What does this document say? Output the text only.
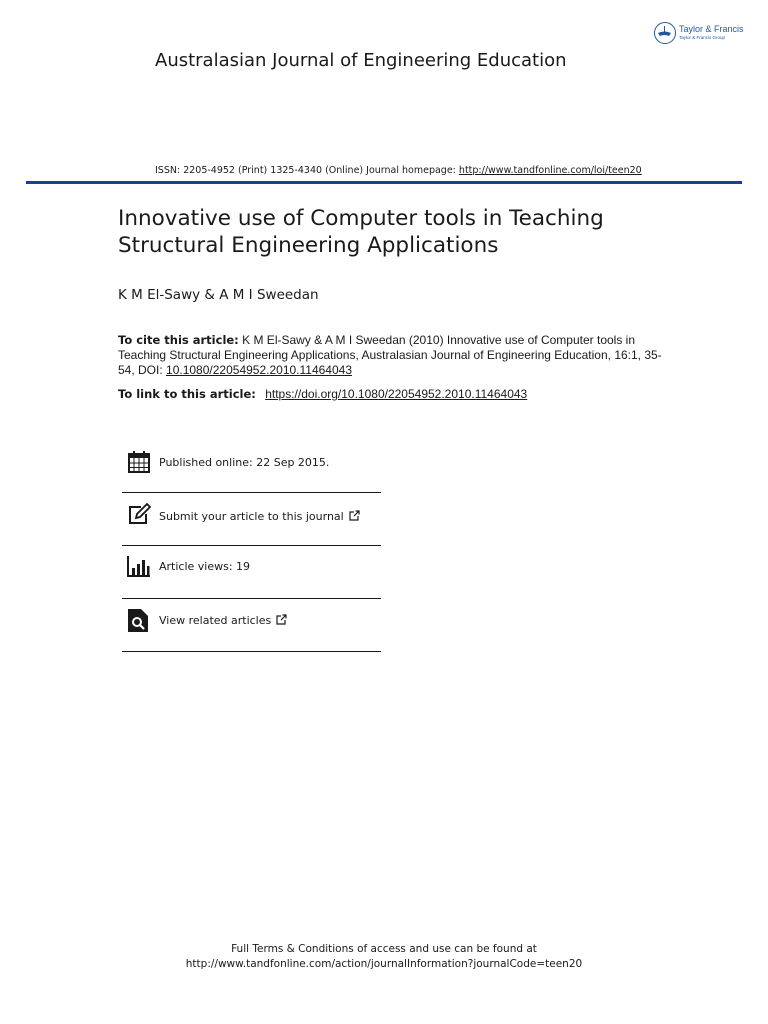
Taylor & Francis
Taylor & Francis Group
Australasian Journal of Engineering Education
ISSN: 2205-4952 (Print) 1325-4340 (Online) Journal homepage: http://www.tandfonline.com/loi/teen20
Innovative use of Computer tools in Teaching Structural Engineering Applications
K M El-Sawy & A M I Sweedan
To cite this article: K M El-Sawy & A M I Sweedan (2010) Innovative use of Computer tools in Teaching Structural Engineering Applications, Australasian Journal of Engineering Education, 16:1, 35-54, DOI: 10.1080/22054952.2010.11464043
To link to this article: https://doi.org/10.1080/22054952.2010.11464043
Published online: 22 Sep 2015.
Submit your article to this journal
Article views: 19
View related articles
Full Terms & Conditions of access and use can be found at
http://www.tandfonline.com/action/journalInformation?journalCode=teen20
